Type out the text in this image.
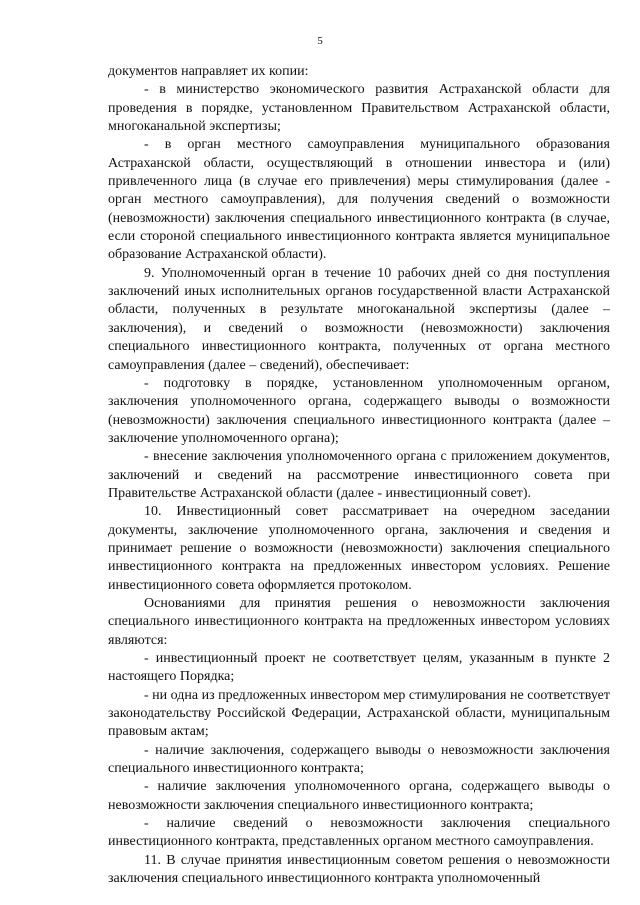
5

документов направляет их копии:

- в министерство экономического развития Астраханской области для проведения в порядке, установленном Правительством Астраханской области, многоканальной экспертизы;

- в орган местного самоуправления муниципального образования Астраханской области, осуществляющий в отношении инвестора и (или) привлеченного лица (в случае его привлечения) меры стимулирования (далее - орган местного самоуправления), для получения сведений о возможности (невозможности) заключения специального инвестиционного контракта (в случае, если стороной специального инвестиционного контракта является муниципальное образование Астраханской области).

9. Уполномоченный орган в течение 10 рабочих дней со дня поступления заключений иных исполнительных органов государственной власти Астраханской области, полученных в результате многоканальной экспертизы (далее – заключения), и сведений о возможности (невозможности) заключения специального инвестиционного контракта, полученных от органа местного самоуправления (далее – сведений), обеспечивает:

- подготовку в порядке, установленном уполномоченным органом, заключения уполномоченного органа, содержащего выводы о возможности (невозможности) заключения специального инвестиционного контракта (далее – заключение уполномоченного органа);

- внесение заключения уполномоченного органа с приложением документов, заключений и сведений на рассмотрение инвестиционного совета при Правительстве Астраханской области (далее - инвестиционный совет).

10. Инвестиционный совет рассматривает на очередном заседании документы, заключение уполномоченного органа, заключения и сведения и принимает решение о возможности (невозможности) заключения специального инвестиционного контракта на предложенных инвестором условиях. Решение инвестиционного совета оформляется протоколом.

Основаниями для принятия решения о невозможности заключения специального инвестиционного контракта на предложенных инвестором условиях являются:

- инвестиционный проект не соответствует целям, указанным в пункте 2 настоящего Порядка;

- ни одна из предложенных инвестором мер стимулирования не соответствует законодательству Российской Федерации, Астраханской области, муниципальным правовым актам;

- наличие заключения, содержащего выводы о невозможности заключения специального инвестиционного контракта;

- наличие заключения уполномоченного органа, содержащего выводы о невозможности заключения специального инвестиционного контракта;

- наличие сведений о невозможности заключения специального инвестиционного контракта, представленных органом местного самоуправления.

11. В случае принятия инвестиционным советом решения о невозможности заключения специального инвестиционного контракта уполномоченный
